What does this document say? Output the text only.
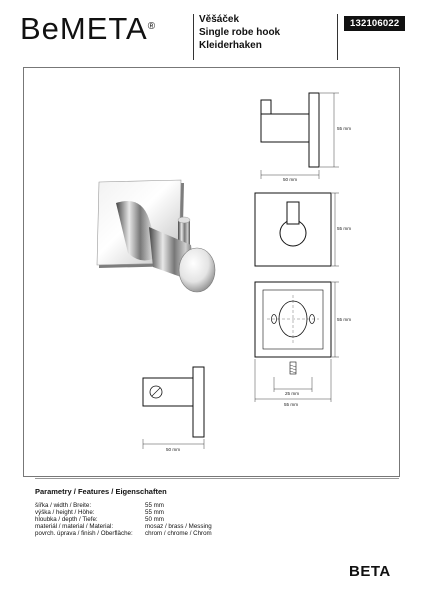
BeMETA®
Věšáček
Single robe hook
Kleiderhaken
132106022
55 mm
50 mm
55 mm
55 mm
25 mm
55 mm
50 mm
Parametry / Features / Eigenschaften
šířka / width / Breite:	55 mm
výška / height / Höhe:	55 mm
hloubka / depth / Tiefe:	50 mm
materiál / material / Material:	mosaz / brass / Messing
povrch. úprava / finish / Oberfläche: chrom / chrome / Chrom
BETA
